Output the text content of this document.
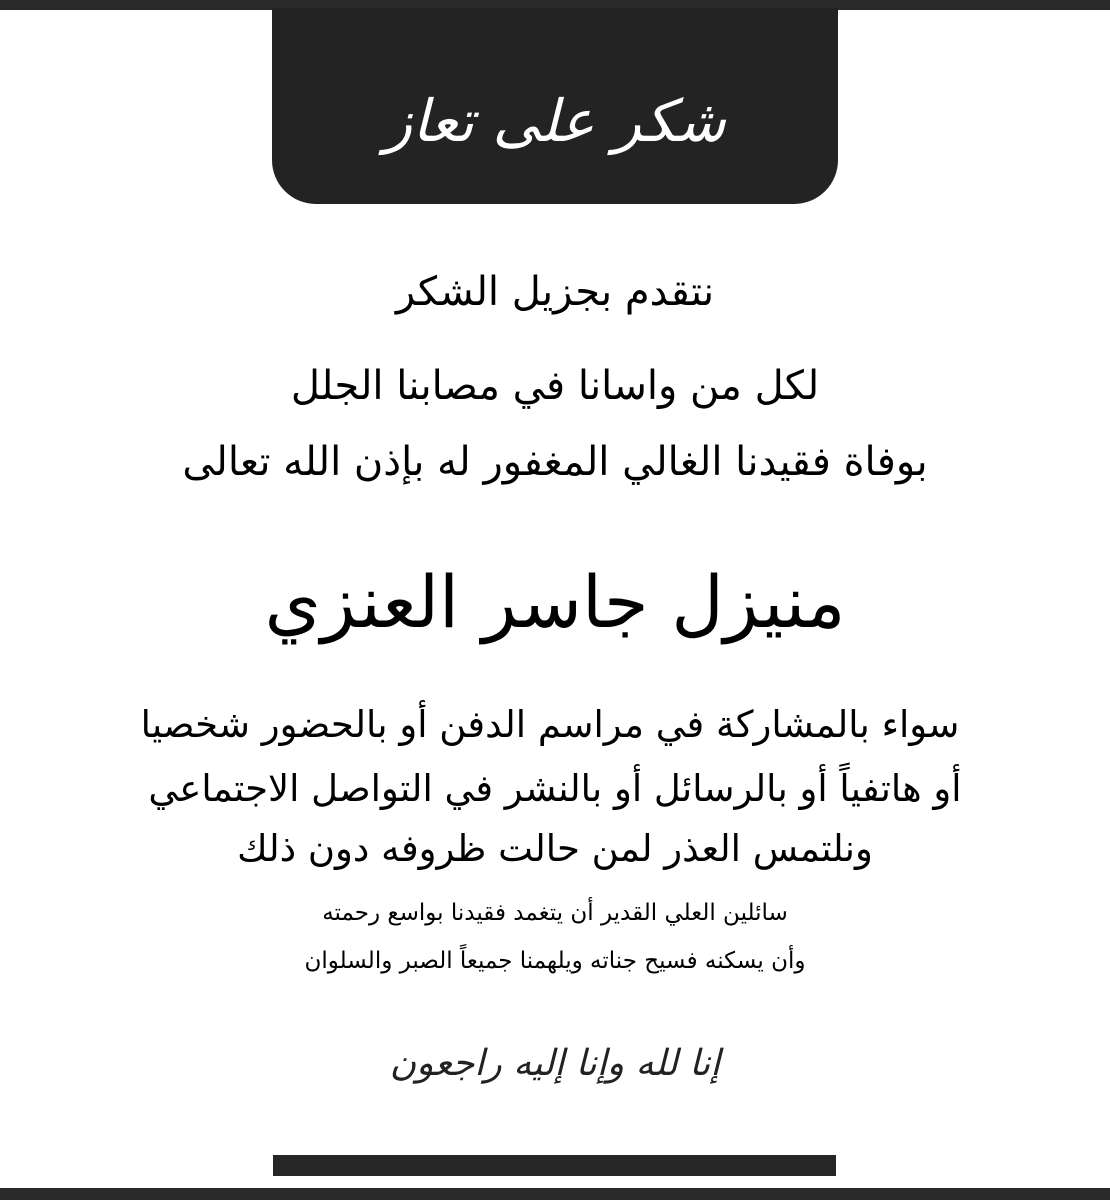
شكر على تعاز
نتقدم بجزيل الشكر
لكل من واسانا في مصابنا الجلل
بوفاة فقيدنا الغالي المغفور له بإذن الله تعالى
منيزل جاسر العنزي
سواء بالمشاركة في مراسم الدفن أو بالحضور شخصيا
أو هاتفياً أو بالرسائل أو بالنشر في التواصل الاجتماعي
ونلتمس العذر لمن حالت ظروفه دون ذلك
سائلين العلي القدير أن يتغمد فقيدنا بواسع رحمته
وأن يسكنه فسيح جناته ويلهمنا جميعاً الصبر والسلوان
إنا لله وإنا إليه راجعون
